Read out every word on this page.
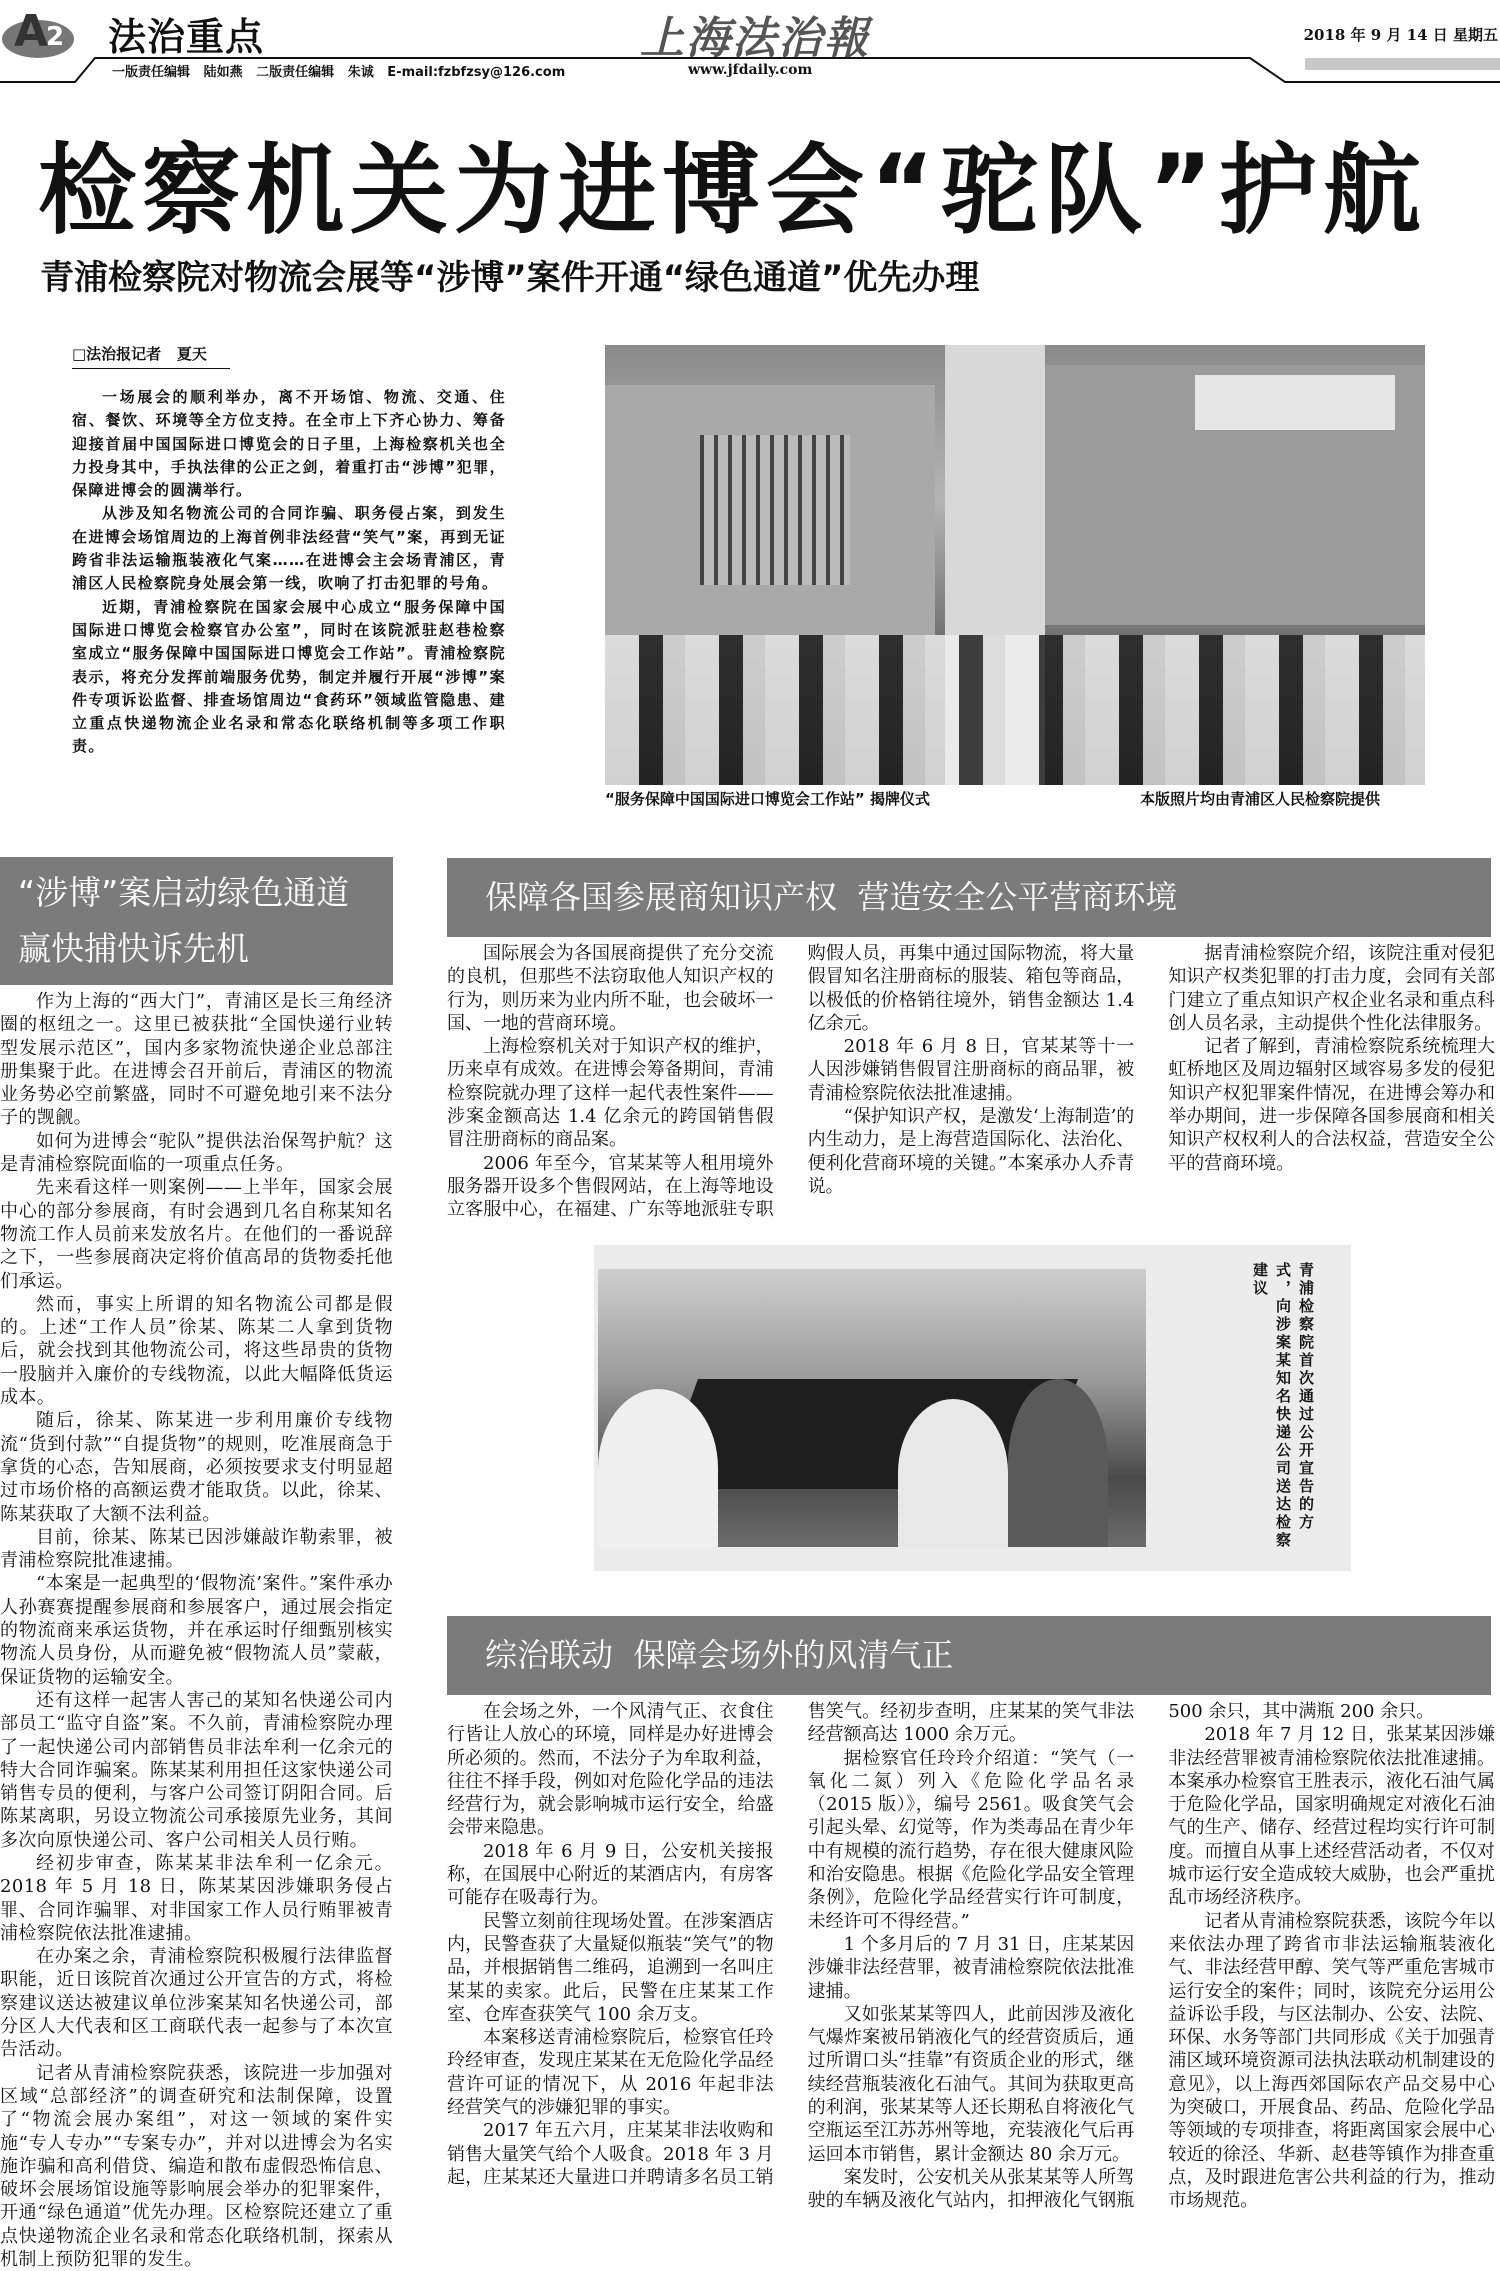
A
2 法治重点	上海法治報	2018 年 9 月 14 日 星期五
一版责任编辑   陆如燕   二版责任编辑   朱诚   E-mail:fzbfzsy@126.com	www.jfdaily.com
检察机关为进博会“驼队”护航
青浦检察院对物流会展等“涉博”案件开通“绿色通道”优先办理
□法治报记者   夏天

一场展会的顺利举办，离不开场馆、物流、交通、住宿、餐饮、环境等全方位支持。在全市上下齐心协力、筹备迎接首届中国国际进口博览会的日子里，上海检察机关也全力投身其中，手执法律的公正之剑，着重打击“涉博”犯罪，保障进博会的圆满举行。

从涉及知名物流公司的合同诈骗、职务侵占案，到发生在进博会场馆周边的上海首例非法经营“笑气”案，再到无证跨省非法运输瓶装液化气案……在进博会主会场青浦区，青浦区人民检察院身处展会第一线，吹响了打击犯罪的号角。

近期，青浦检察院在国家会展中心成立“服务保障中国国际进口博览会检察官办公室”，同时在该院派驻赵巷检察室成立“服务保障中国国际进口博览会工作站”。青浦检察院表示，将充分发挥前端服务优势，制定并履行开展“涉博”案件专项诉讼监督、排查场馆周边“食药环”领域监管隐患、建立重点快递物流企业名录和常态化联络机制等多项工作职责。

“服务保障中国国际进口博览会工作站” 揭牌仪式	本版照片均由青浦区人民检察院提供
“涉博”案启动绿色通道
赢快捕快诉先机

作为上海的“西大门”，青浦区是长三角经济圈的枢纽之一。这里已被获批“全国快递行业转型发展示范区”，国内多家物流快递企业总部注册集聚于此。在进博会召开前后，青浦区的物流业务势必空前繁盛，同时不可避免地引来不法分子的觊觎。

如何为进博会“驼队”提供法治保驾护航？这是青浦检察院面临的一项重点任务。

先来看这样一则案例——上半年，国家会展中心的部分参展商，有时会遇到几名自称某知名物流工作人员前来发放名片。在他们的一番说辞之下，一些参展商决定将价值高昂的货物委托他们承运。

然而，事实上所谓的知名物流公司都是假的。上述“工作人员”徐某、陈某二人拿到货物后，就会找到其他物流公司，将这些昂贵的货物一股脑并入廉价的专线物流，以此大幅降低货运成本。

随后，徐某、陈某进一步利用廉价专线物流“货到付款”“自提货物”的规则，吃准展商急于拿货的心态，告知展商，必须按要求支付明显超过市场价格的高额运费才能取货。以此，徐某、陈某获取了大额不法利益。

目前，徐某、陈某已因涉嫌敲诈勒索罪，被青浦检察院批准逮捕。

“本案是一起典型的‘假物流’案件。”案件承办人孙赛赛提醒参展商和参展客户，通过展会指定的物流商来承运货物，并在承运时仔细甄别核实物流人员身份，从而避免被“假物流人员”蒙蔽，保证货物的运输安全。

还有这样一起害人害己的某知名快递公司内部员工“监守自盗”案。不久前，青浦检察院办理了一起快递公司内部销售员非法牟利一亿余元的特大合同诈骗案。陈某某利用担任这家快递公司销售专员的便利，与客户公司签订阴阳合同。后陈某离职，另设立物流公司承接原先业务，其间多次向原快递公司、客户公司相关人员行贿。

经初步审查，陈某某非法牟利一亿余元。2018 年 5 月 18 日，陈某某因涉嫌职务侵占罪、合同诈骗罪、对非国家工作人员行贿罪被青浦检察院依法批准逮捕。

在办案之余，青浦检察院积极履行法律监督职能，近日该院首次通过公开宣告的方式，将检察建议送达被建议单位涉案某知名快递公司，部分区人大代表和区工商联代表一起参与了本次宣告活动。

记者从青浦检察院获悉，该院进一步加强对区域“总部经济”的调查研究和法制保障，设置了“物流会展办案组”，对这一领域的案件实施“专人专办”“专案专办”，并对以进博会为名实施诈骗和高利借贷、编造和散布虚假恐怖信息、破坏会展场馆设施等影响展会举办的犯罪案件，开通“绿色通道”优先办理。区检察院还建立了重点快递物流企业名录和常态化联络机制，探索从机制上预防犯罪的发生。

保障各国参展商知识产权  营造安全公平营商环境

国际展会为各国展商提供了充分交流的良机，但那些不法窃取他人知识产权的行为，则历来为业内所不耻，也会破坏一国、一地的营商环境。

上海检察机关对于知识产权的维护，历来卓有成效。在进博会筹备期间，青浦检察院就办理了这样一起代表性案件——涉案金额高达 1.4 亿余元的跨国销售假冒注册商标的商品案。

2006 年至今，官某某等人租用境外服务器开设多个售假网站，在上海等地设立客服中心，在福建、广东等地派驻专职购假人员，再集中通过国际物流，将大量假冒知名注册商标的服装、箱包等商品，以极低的价格销往境外，销售金额达 1.4 亿余元。

2018 年 6 月 8 日，官某某等十一人因涉嫌销售假冒注册商标的商品罪，被青浦检察院依法批准逮捕。

“保护知识产权，是激发‘上海制造’的内生动力，是上海营造国际化、法治化、便利化营商环境的关键。”本案承办人乔青说。

据青浦检察院介绍，该院注重对侵犯知识产权类犯罪的打击力度，会同有关部门建立了重点知识产权企业名录和重点科创人员名录，主动提供个性化法律服务。

记者了解到，青浦检察院系统梳理大虹桥地区及周边辐射区域容易多发的侵犯知识产权犯罪案件情况，在进博会筹办和举办期间，进一步保障各国参展商和相关知识产权权利人的合法权益，营造安全公平的营商环境。

青浦检察院首次通过公开宣告的方式，向涉案某知名快递公司送达检察建议
综治联动  保障会场外的风清气正

在会场之外，一个风清气正、衣食住行皆让人放心的环境，同样是办好进博会所必须的。然而，不法分子为牟取利益，往往不择手段，例如对危险化学品的违法经营行为，就会影响城市运行安全，给盛会带来隐患。

2018 年 6 月 9 日，公安机关接报称，在国展中心附近的某酒店内，有房客可能存在吸毒行为。

民警立刻前往现场处置。在涉案酒店内，民警查获了大量疑似瓶装“笑气”的物品，并根据销售二维码，追溯到一名叫庄某某的卖家。此后，民警在庄某某工作室、仓库查获笑气 100 余万支。

本案移送青浦检察院后，检察官任玲玲经审查，发现庄某某在无危险化学品经营许可证的情况下，从 2016 年起非法经营笑气的涉嫌犯罪的事实。

2017 年五六月，庄某某非法收购和销售大量笑气给个人吸食。2018 年 3 月起，庄某某还大量进口并聘请多名员工销售笑气。经初步查明，庄某某的笑气非法经营额高达 1000 余万元。

据检察官任玲玲介绍道：“笑气（一氧化二氮）列入《危险化学品名录（2015 版）》，编号 2561。吸食笑气会引起头晕、幻觉等，作为类毒品在青少年中有规模的流行趋势，存在很大健康风险和治安隐患。根据《危险化学品安全管理条例》，危险化学品经营实行许可制度，未经许可不得经营。”

1 个多月后的 7 月 31 日，庄某某因涉嫌非法经营罪，被青浦检察院依法批准逮捕。

又如张某某等四人，此前因涉及液化气爆炸案被吊销液化气的经营资质后，通过所谓口头“挂靠”有资质企业的形式，继续经营瓶装液化石油气。其间为获取更高的利润，张某某等人还长期私自将液化气空瓶运至江苏苏州等地，充装液化气后再运回本市销售，累计金额达 80 余万元。

案发时，公安机关从张某某等人所驾驶的车辆及液化气站内，扣押液化气钢瓶 500 余只，其中满瓶 200 余只。

2018 年 7 月 12 日，张某某因涉嫌非法经营罪被青浦检察院依法批准逮捕。本案承办检察官王胜表示，液化石油气属于危险化学品，国家明确规定对液化石油气的生产、储存、经营过程均实行许可制度。而擅自从事上述经营活动者，不仅对城市运行安全造成较大威胁，也会严重扰乱市场经济秩序。

记者从青浦检察院获悉，该院今年以来依法办理了跨省市非法运输瓶装液化气、非法经营甲醇、笑气等严重危害城市运行安全的案件；同时，该院充分运用公益诉讼手段，与区法制办、公安、法院、环保、水务等部门共同形成《关于加强青浦区域环境资源司法执法联动机制建设的意见》，以上海西郊国际农产品交易中心为突破口，开展食品、药品、危险化学品等领域的专项排查，将距离国家会展中心较近的徐泾、华新、赵巷等镇作为排查重点，及时跟进危害公共利益的行为，推动市场规范。
